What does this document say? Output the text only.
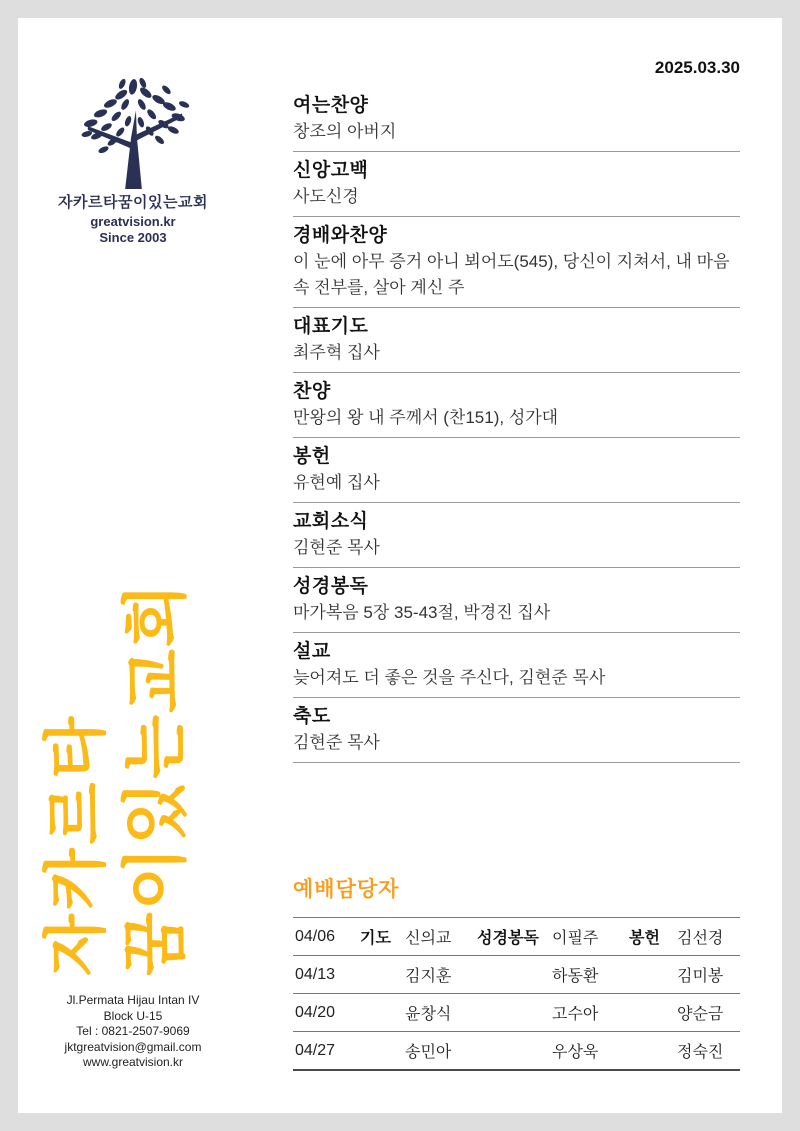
자카르타꿈이있는교회
greatvision.kr
Since 2003
자카르타 꿈이있는교회
Jl.Permata Hijau Intan IV
Block U-15
Tel : 0821-2507-9069
jktgreatvision@gmail.com
www.greatvision.kr
2025.03.30
여는찬양
창조의 아버지
신앙고백
사도신경
경배와찬양
이 눈에 아무 증거 아니 뵈어도(545), 당신이 지쳐서, 내 마음 속 전부를, 살아 계신 주
대표기도
최주혁 집사
찬양
만왕의 왕 내 주께서 (찬151), 성가대
봉헌
유현예 집사
교회소식
김현준 목사
성경봉독
마가복음 5장 35-43절, 박경진 집사
설교
늦어져도 더 좋은 것을 주신다, 김현준 목사
축도
김현준 목사
예배담당자
04/06	기도 신의교	성경봉독 이필주	봉헌	김선경
04/13	김지훈	하동환	김미봉
04/20	윤창식	고수아	양순금
04/27	송민아	우상욱	정숙진
